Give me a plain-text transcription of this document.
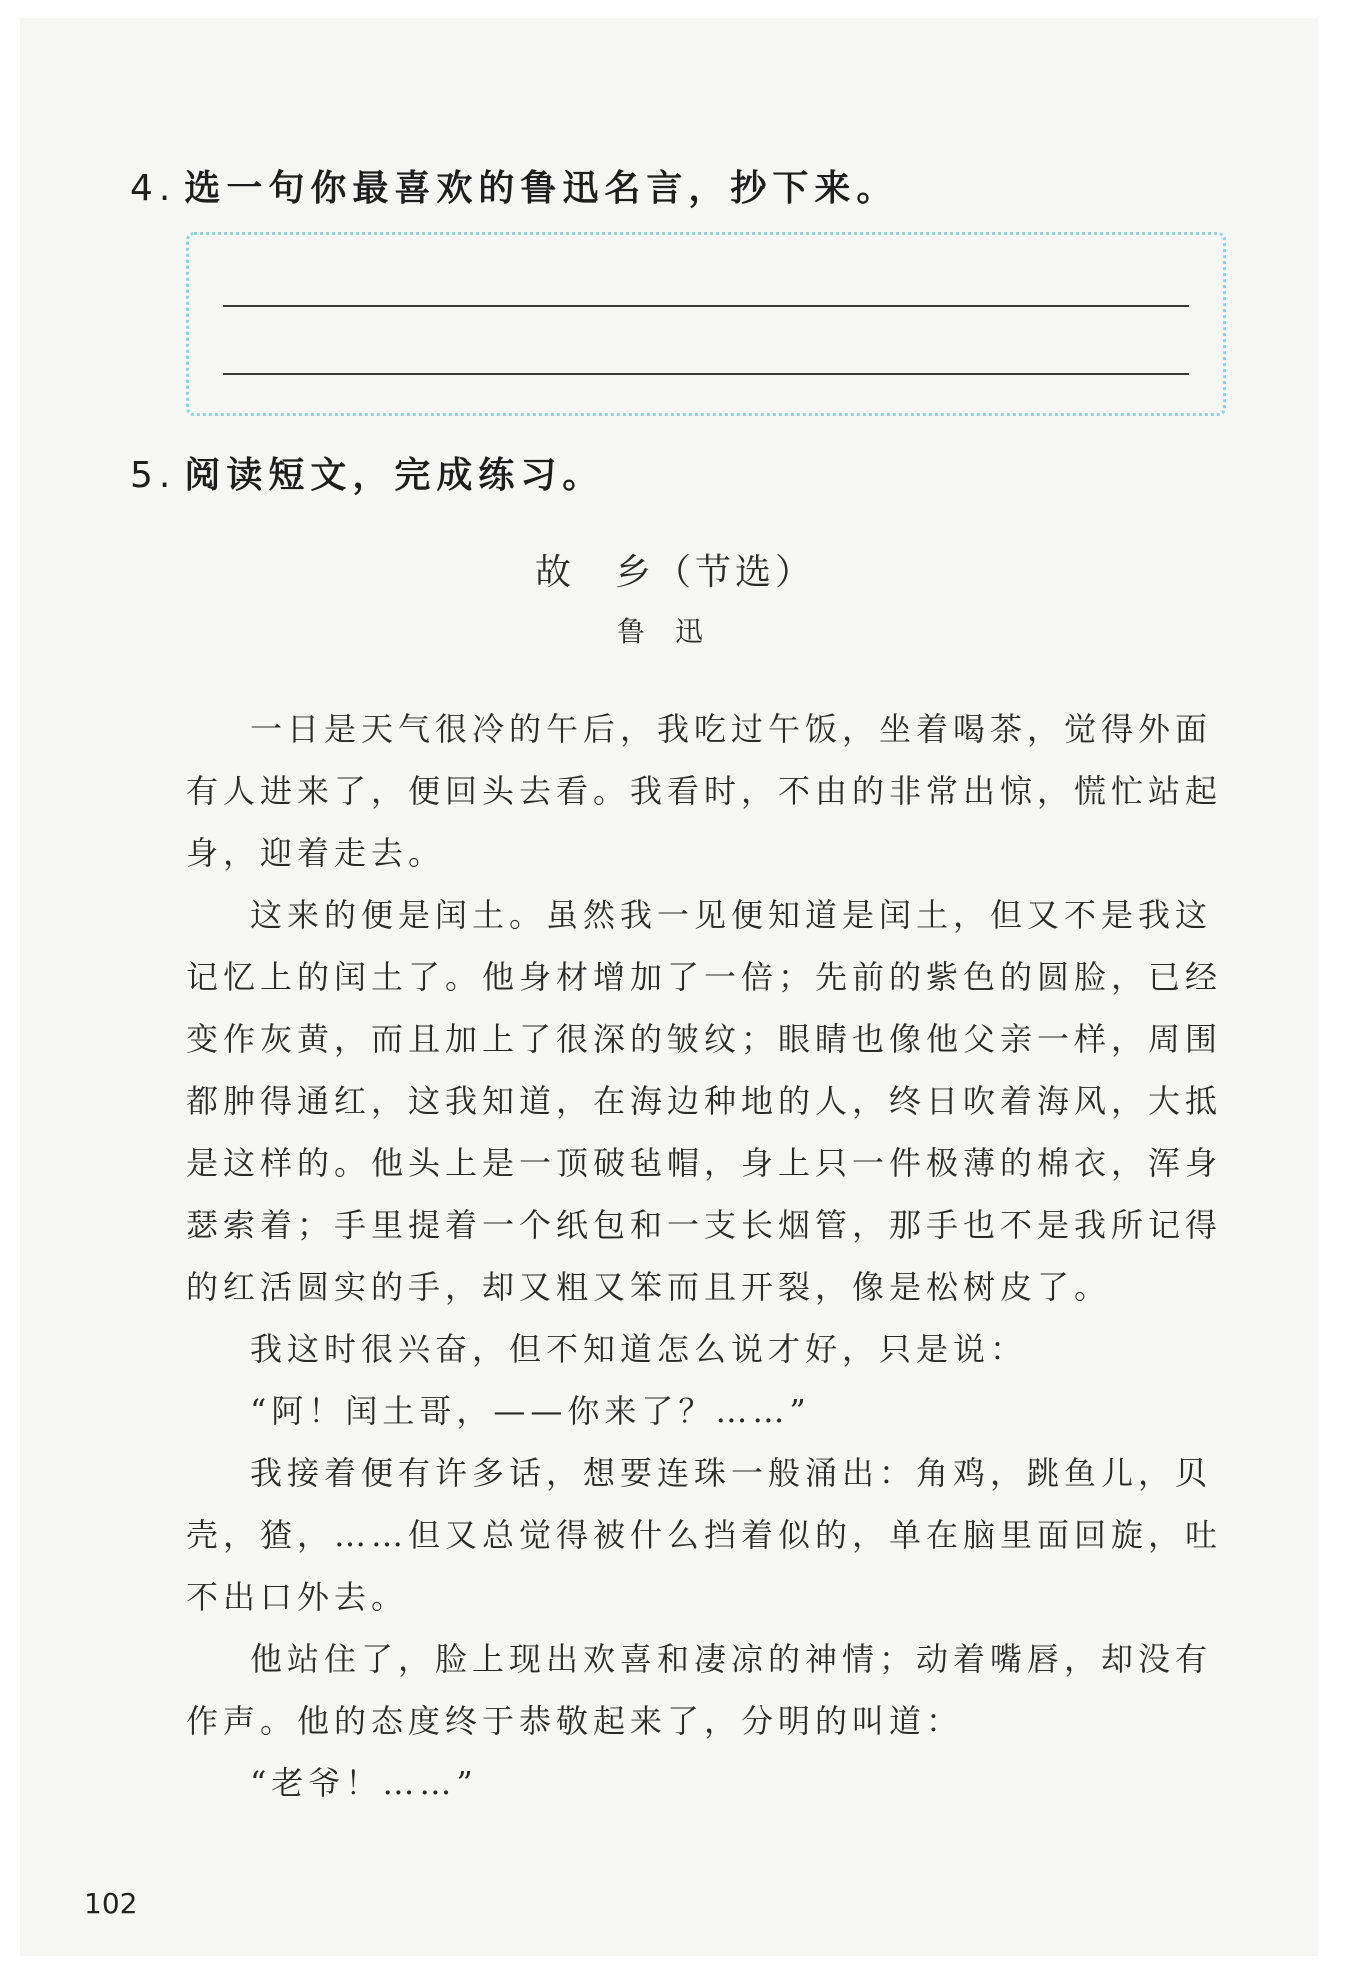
4. 选一句你最喜欢的鲁迅名言，抄下来。
5. 阅读短文，完成练习。
故　乡（节选）
鲁迅

一日是天气很冷的午后，我吃过午饭，坐着喝茶，觉得外面有人进来了，便回头去看。我看时，不由的非常出惊，慌忙站起身，迎着走去。

这来的便是闰土。虽然我一见便知道是闰土，但又不是我这记忆上的闰土了。他身材增加了一倍；先前的紫色的圆脸，已经变作灰黄，而且加上了很深的皱纹；眼睛也像他父亲一样，周围都肿得通红，这我知道，在海边种地的人，终日吹着海风，大抵是这样的。他头上是一顶破毡帽，身上只一件极薄的棉衣，浑身瑟索着；手里提着一个纸包和一支长烟管，那手也不是我所记得的红活圆实的手，却又粗又笨而且开裂，像是松树皮了。

我这时很兴奋，但不知道怎么说才好，只是说：

“阿！闰土哥，——你来了？……”

我接着便有许多话，想要连珠一般涌出：角鸡，跳鱼儿，贝壳，猹，……但又总觉得被什么挡着似的，单在脑里面回旋，吐不出口外去。

他站住了，脸上现出欢喜和凄凉的神情；动着嘴唇，却没有作声。他的态度终于恭敬起来了，分明的叫道：

“老爷！……”

102
